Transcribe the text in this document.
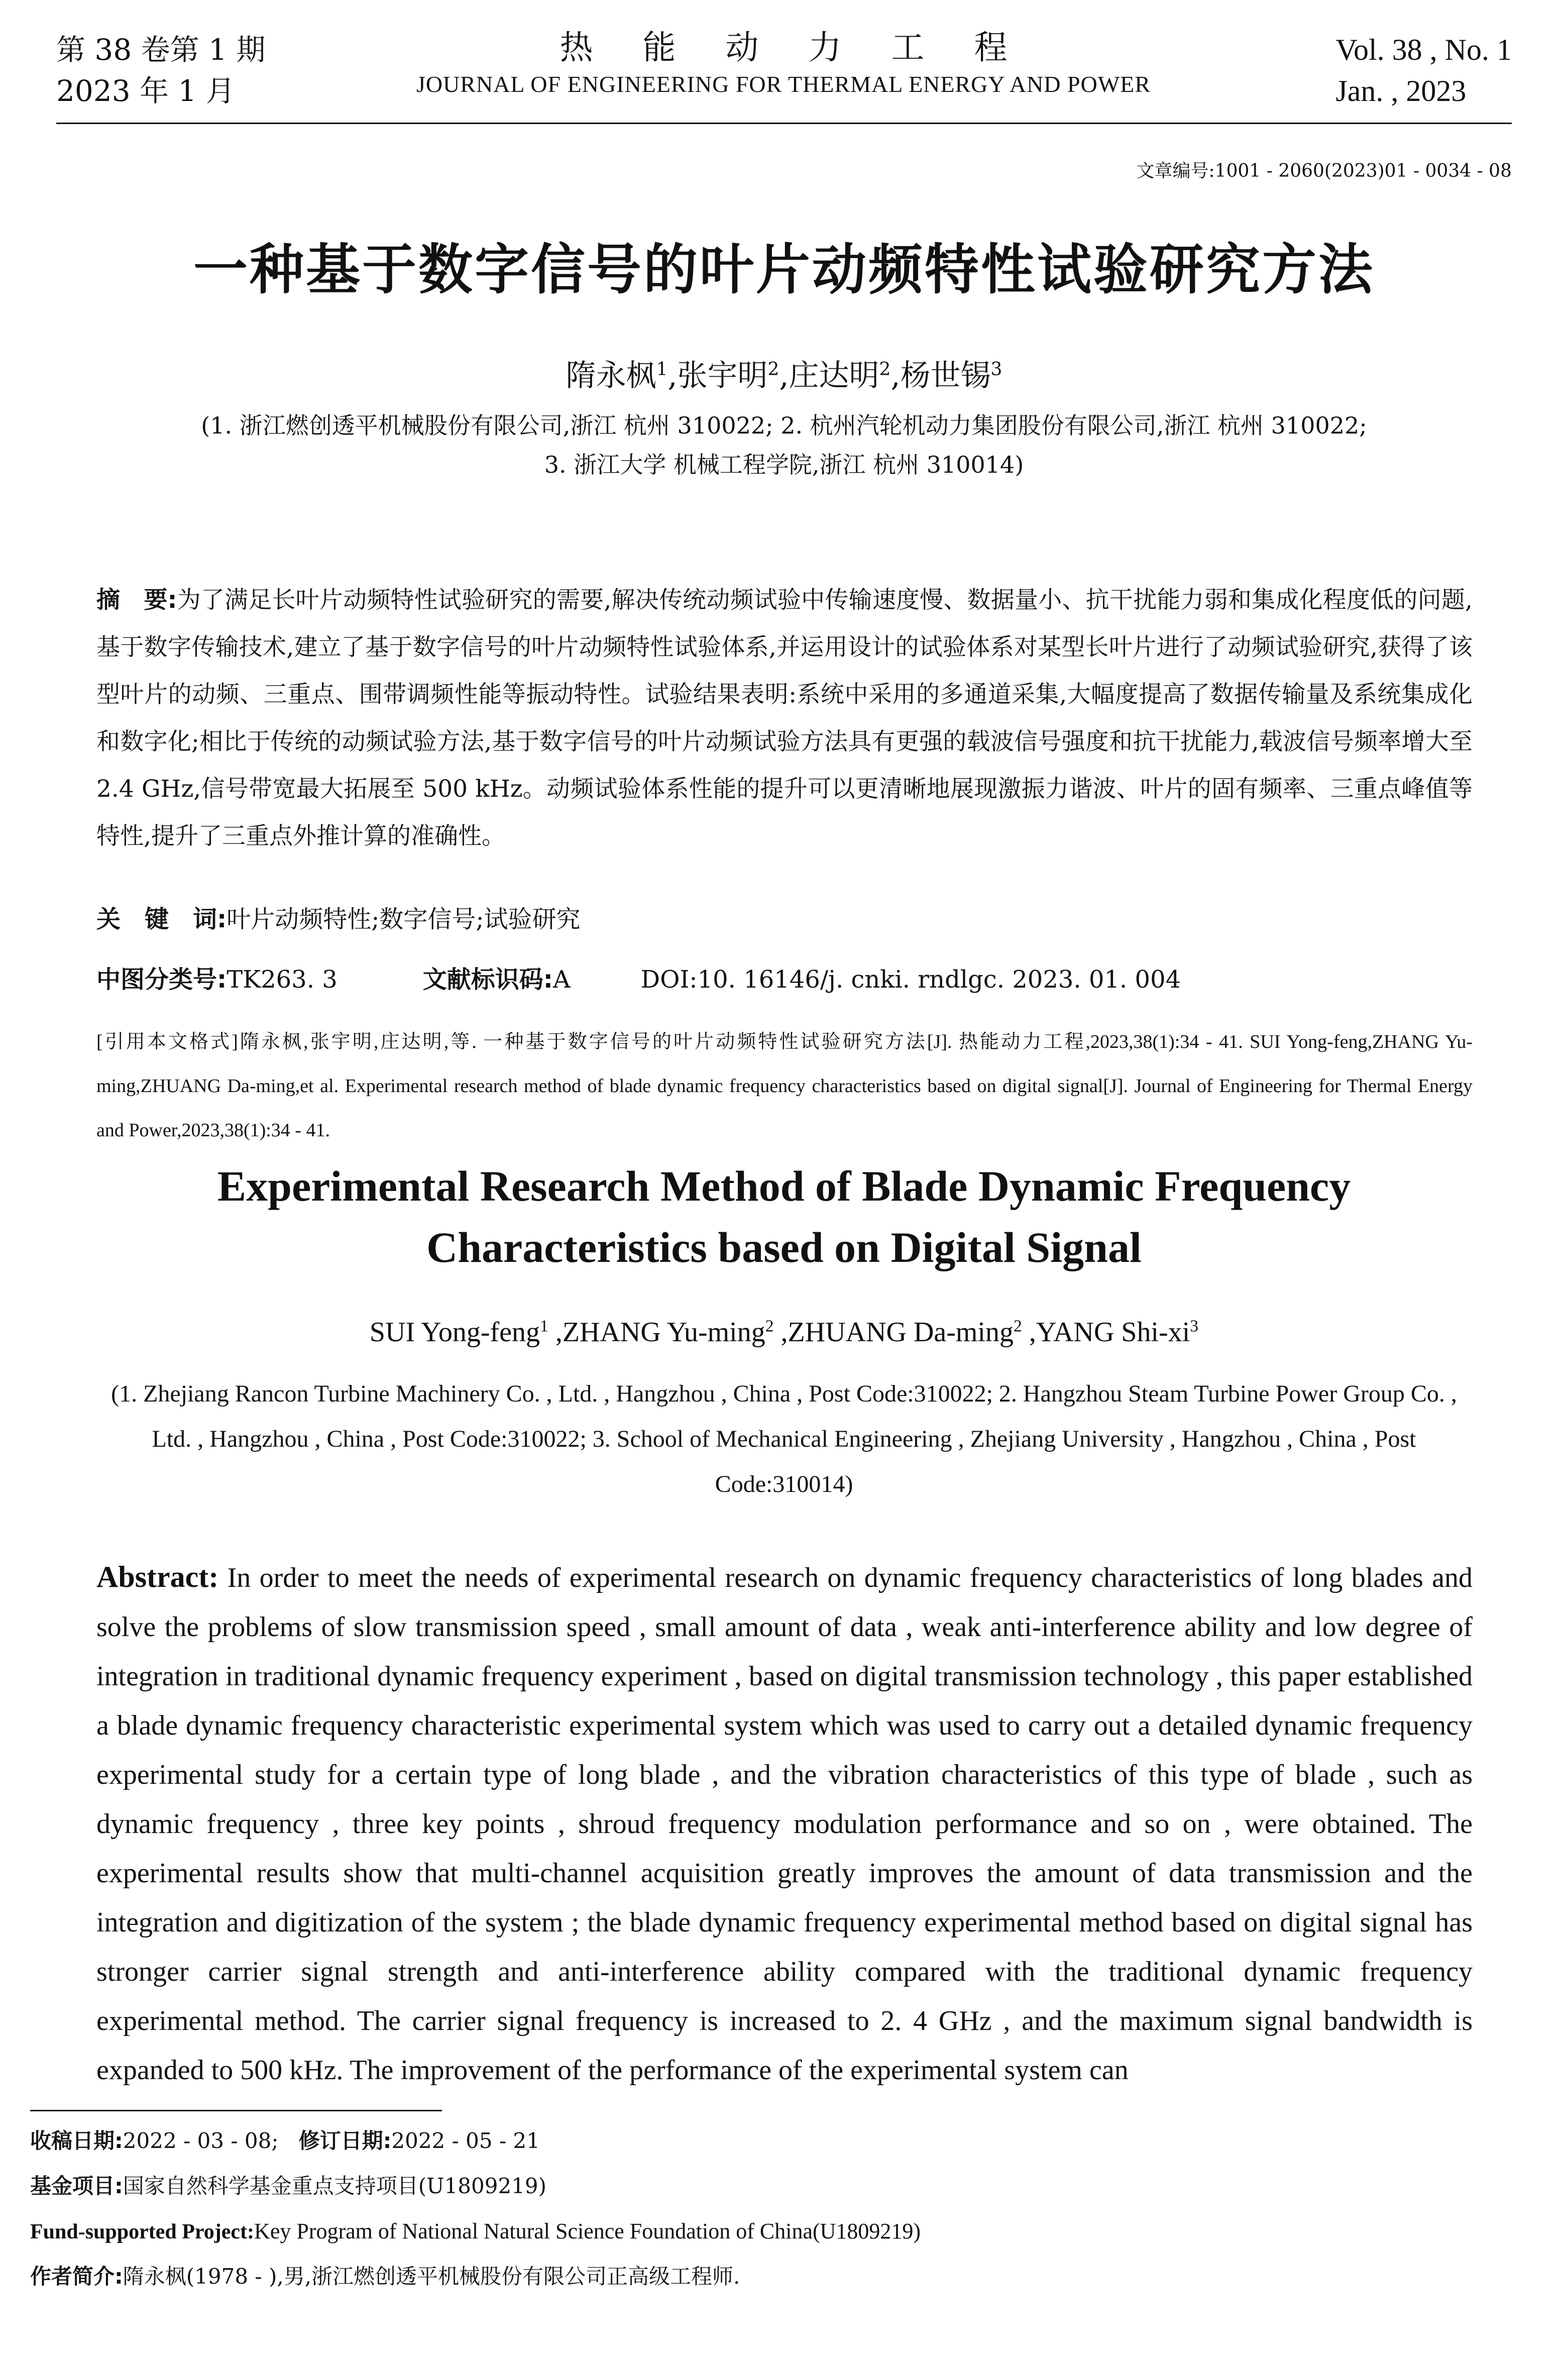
第 38 卷第 1 期
2023 年 1 月
热能动力工程
JOURNAL OF ENGINEERING FOR THERMAL ENERGY AND POWER
Vol. 38 , No. 1
Jan. , 2023
文章编号:1001 - 2060(2023)01 - 0034 - 08
一种基于数字信号的叶片动频特性试验研究方法
隋永枫$^1$,张宇明$^2$,庄达明$^2$,杨世锡$^3$
(1. 浙江燃创透平机械股份有限公司,浙江 杭州 310022; 2. 杭州汽轮机动力集团股份有限公司,浙江 杭州 310022;
3. 浙江大学 机械工程学院,浙江 杭州 310014)
摘　要:为了满足长叶片动频特性试验研究的需要,解决传统动频试验中传输速度慢、数据量小、抗干扰能力弱和集成化程度低的问题,基于数字传输技术,建立了基于数字信号的叶片动频特性试验体系,并运用设计的试验体系对某型长叶片进行了动频试验研究,获得了该型叶片的动频、三重点、围带调频性能等振动特性。试验结果表明:系统中采用的多通道采集,大幅度提高了数据传输量及系统集成化和数字化;相比于传统的动频试验方法,基于数字信号的叶片动频试验方法具有更强的载波信号强度和抗干扰能力,载波信号频率增大至 2.4 GHz,信号带宽最大拓展至 500 kHz。动频试验体系性能的提升可以更清晰地展现激振力谐波、叶片的固有频率、三重点峰值等特性,提升了三重点外推计算的准确性。
关　键　词:叶片动频特性;数字信号;试验研究
中图分类号:TK263. 3	文献标识码:A	DOI:10. 16146/j. cnki. rndlgc. 2023. 01. 004
[引用本文格式]隋永枫,张宇明,庄达明,等. 一种基于数字信号的叶片动频特性试验研究方法[J]. 热能动力工程,2023,38(1):34 - 41. SUI Yong-feng,ZHANG Yu-ming,ZHUANG Da-ming,et al. Experimental research method of blade dynamic frequency characteristics based on digital signal[J]. Journal of Engineering for Thermal Energy and Power,2023,38(1):34 - 41.
Experimental Research Method of Blade Dynamic Frequency
Characteristics based on Digital Signal
SUI Yong-feng$^1$ ,ZHANG Yu-ming$^2$ ,ZHUANG Da-ming$^2$ ,YANG Shi-$xi^3$
(1. Zhejiang Rancon Turbine Machinery Co. , Ltd. , Hangzhou , China , Post Code:310022; 2. Hangzhou Steam Turbine Power Group Co. , Ltd. , Hangzhou , China , Post Code:310022; 3. School of Mechanical Engineering , Zhejiang University , Hangzhou , China , Post Code:310014)
Abstract: In order to meet the needs of experimental research on dynamic frequency characteristics of long blades and solve the problems of slow transmission speed , small amount of data , weak anti-interference ability and low degree of integration in traditional dynamic frequency experiment , based on digital transmission technology , this paper established a blade dynamic frequency characteristic experimental system which was used to carry out a detailed dynamic frequency experimental study for a certain type of long blade , and the vibration characteristics of this type of blade , such as dynamic frequency , three key points , shroud frequency modulation performance and so on , were obtained. The experimental results show that multi-channel acquisition greatly improves the amount of data transmission and the integration and digitization of the system ; the blade dynamic frequency experimental method based on digital signal has stronger carrier signal strength and anti-interference ability compared with the traditional dynamic frequency experimental method. The carrier signal frequency is increased to 2. 4 GHz , and the maximum signal bandwidth is expanded to 500 kHz. The improvement of the performance of the experimental system can
收稿日期:2022 - 03 - 08; 修订日期:2022 - 05 - 21
基金项目:国家自然科学基金重点支持项目(U1809219)
Fund-supported Project:Key Program of National Natural Science Foundation of China(U1809219)
作者简介:隋永枫(1978 - ),男,浙江燃创透平机械股份有限公司正高级工程师.
